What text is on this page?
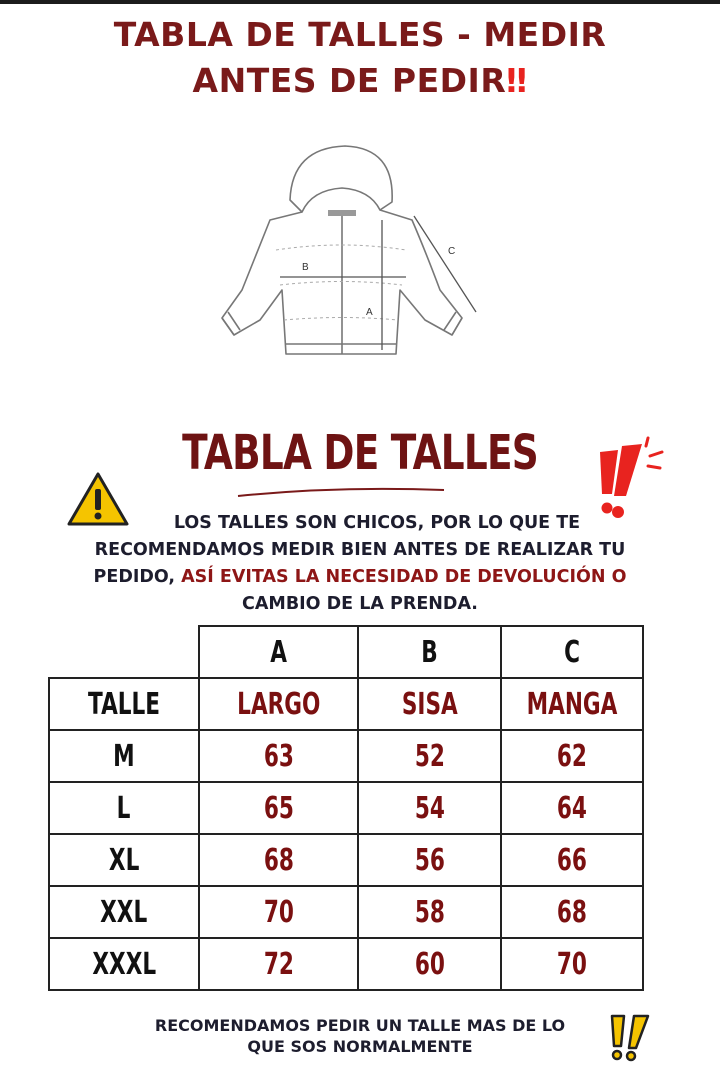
TABLA DE TALLES - MEDIR
ANTES DE PEDIR‼
B
A
C
TABLA DE TALLES
LOS TALLES SON CHICOS, POR LO QUE TE
RECOMENDAMOS MEDIR BIEN ANTES DE REALIZAR TU
PEDIDO, ASÍ EVITAS LA NECESIDAD DE DEVOLUCIÓN O
CAMBIO DE LA PRENDA.
	A	B	C
TALLE	LARGO	SISA	MANGA
M	63	52	62
L	65	54	64
XL	68	56	66
XXL	70	58	68
XXXL	72	60	70
RECOMENDAMOS PEDIR UN TALLE MAS DE LO
QUE SOS NORMALMENTE
